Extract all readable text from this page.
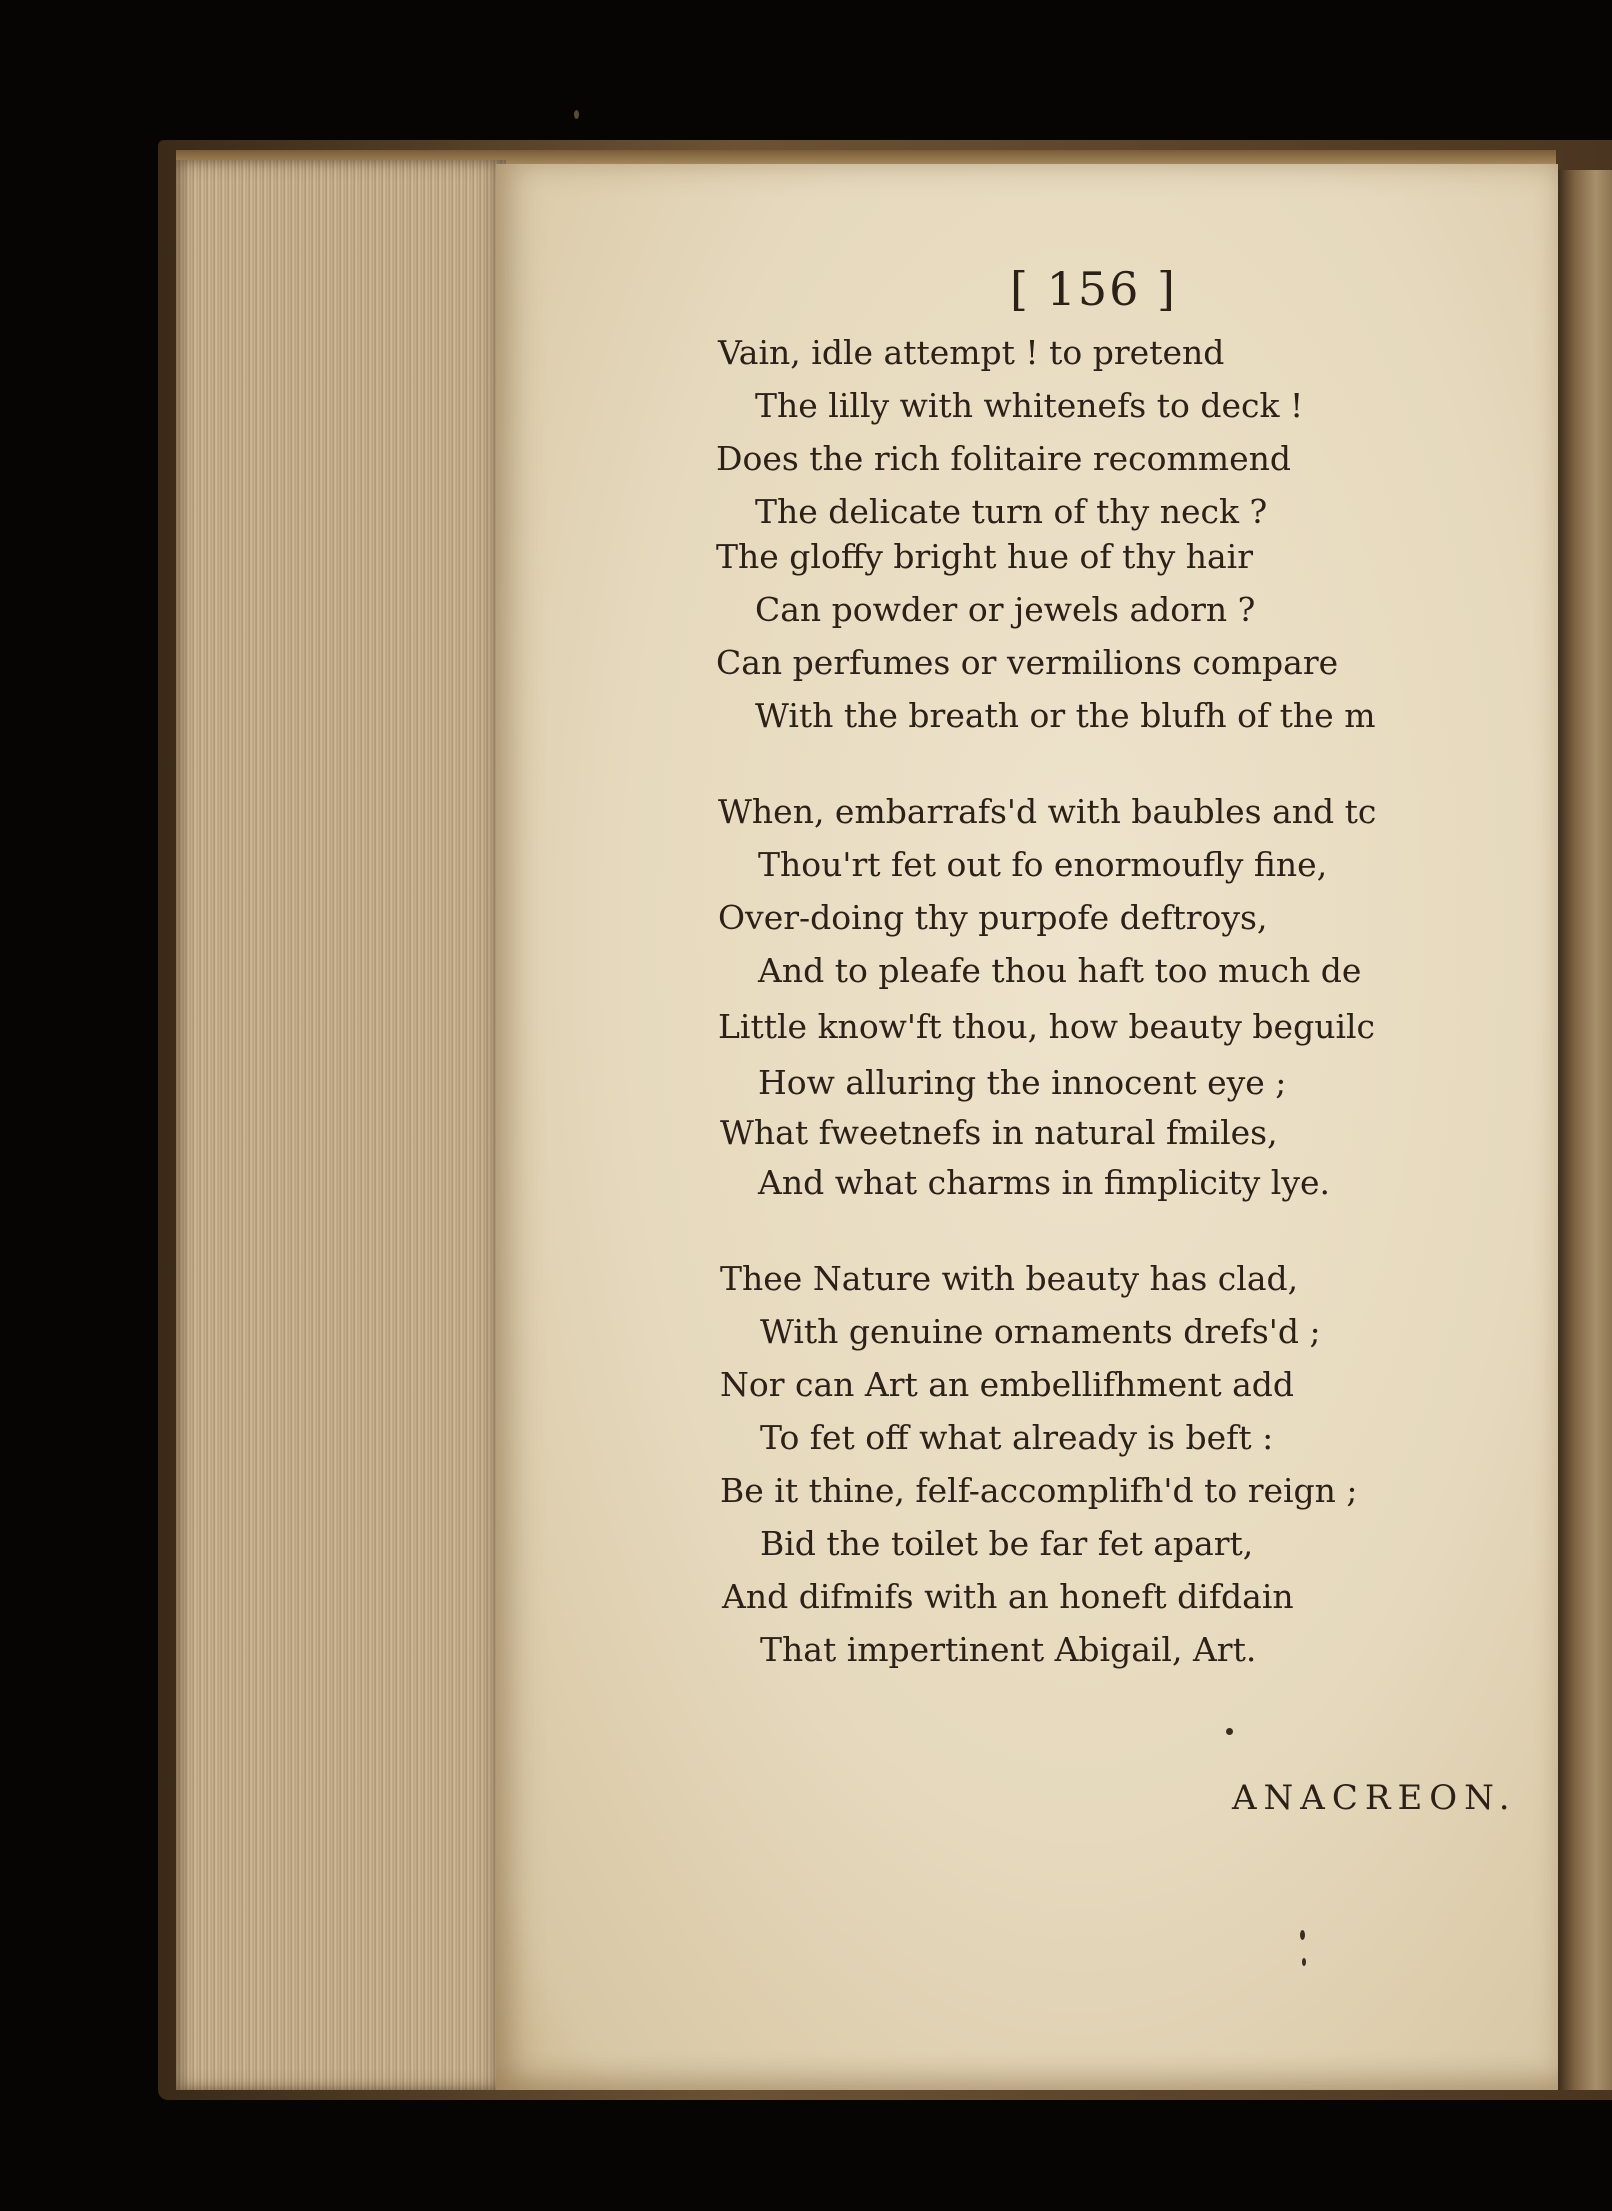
[ 156 ]
Vain, idle attempt ! to pretend
The lilly with whitenefs to deck !
Does the rich folitaire recommend
The delicate turn of thy neck ?
The gloffy bright hue of thy hair
Can powder or jewels adorn ?
Can perfumes or vermilions compare
With the breath or the blufh of the m
When, embarrafs'd with baubles and tc
Thou'rt fet out fo enormoufly fine,
Over-doing thy purpofe deftroys,
And to pleafe thou haft too much de
Little know'ft thou, how beauty beguilc
How alluring the innocent eye ;
What fweetnefs in natural fmiles,
And what charms in fimplicity lye.
Thee Nature with beauty has clad,
With genuine ornaments drefs'd ;
Nor can Art an embellifhment add
To fet off what already is beft :
Be it thine, felf-accomplifh'd to reign ;
Bid the toilet be far fet apart,
And difmifs with an honeft difdain
That impertinent Abigail, Art.
ANACREON.
